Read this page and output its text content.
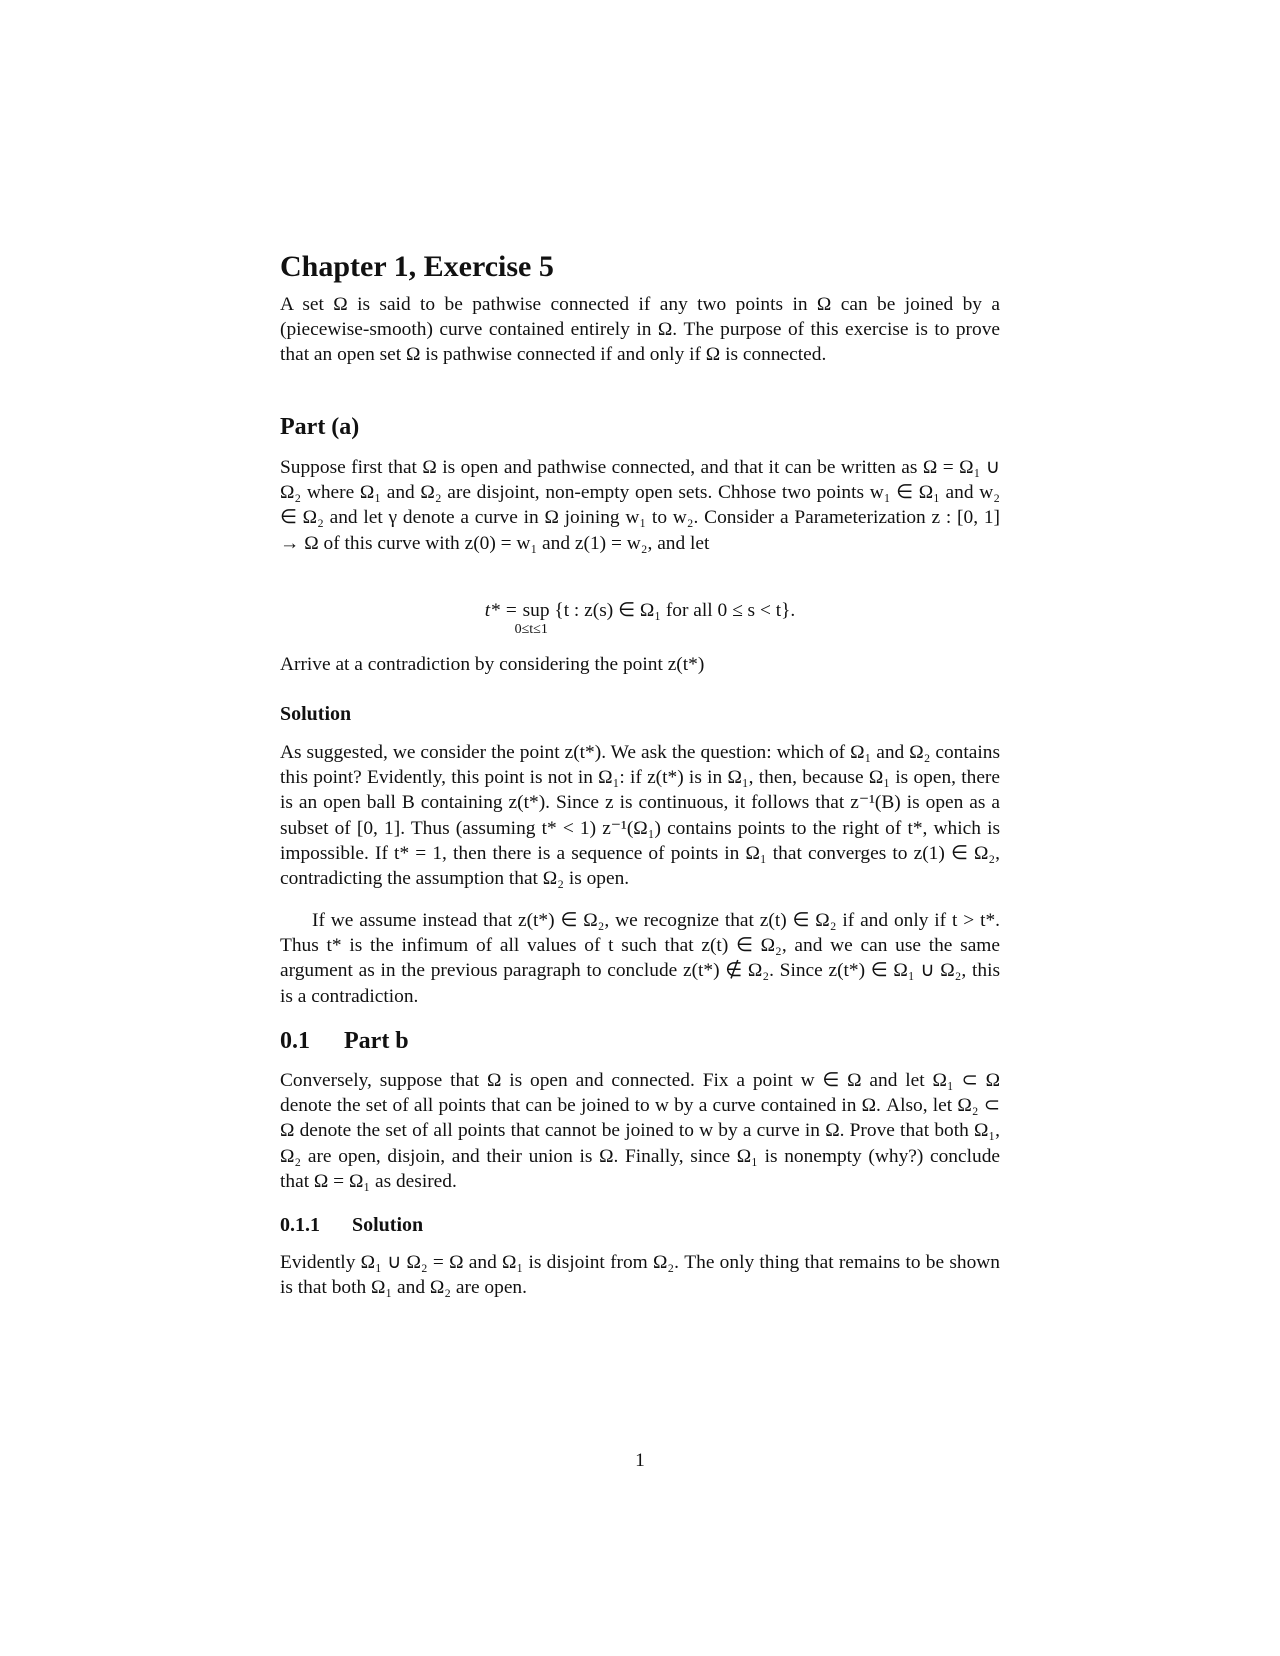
Chapter 1, Exercise 5

A set Ω is said to be pathwise connected if any two points in Ω can be joined by a (piecewise-smooth) curve contained entirely in Ω. The purpose of this exercise is to prove that an open set Ω is pathwise connected if and only if Ω is connected.

Part (a)

Suppose first that Ω is open and pathwise connected, and that it can be written as Ω = Ω₁ ∪ Ω₂ where Ω₁ and Ω₂ are disjoint, non-empty open sets. Chhose two points w₁ ∈ Ω₁ and w₂ ∈ Ω₂ and let γ denote a curve in Ω joining w₁ to w₂. Consider a Parameterization z : [0, 1] → Ω of this curve with z(0) = w₁ and z(1) = w₂, and let

t* = sup
0≤t≤1
{t : z(s) ∈ Ω₁ for all 0 ≤ s < t}.

Arrive at a contradiction by considering the point z(t*)

Solution

As suggested, we consider the point z(t*). We ask the question: which of Ω₁ and Ω₂ contains this point? Evidently, this point is not in Ω₁: if z(t*) is in Ω₁, then, because Ω₁ is open, there is an open ball B containing z(t*). Since z is continuous, it follows that z⁻¹(B) is open as a subset of [0, 1]. Thus (assuming t* < 1) z⁻¹(Ω₁) contains points to the right of t*, which is impossible. If t* = 1, then there is a sequence of points in Ω₁ that converges to z(1) ∈ Ω₂, contradicting the assumption that Ω₂ is open.

If we assume instead that z(t*) ∈ Ω₂, we recognize that z(t) ∈ Ω₂ if and only if t > t*. Thus t* is the infimum of all values of t such that z(t) ∈ Ω₂, and we can use the same argument as in the previous paragraph to conclude z(t*) ∉ Ω₂. Since z(t*) ∈ Ω₁ ∪ Ω₂, this is a contradiction.

0.1 Part b

Conversely, suppose that Ω is open and connected. Fix a point w ∈ Ω and let Ω₁ ⊂ Ω denote the set of all points that can be joined to w by a curve contained in Ω. Also, let Ω₂ ⊂ Ω denote the set of all points that cannot be joined to w by a curve in Ω. Prove that both Ω₁, Ω₂ are open, disjoin, and their union is Ω. Finally, since Ω₁ is nonempty (why?) conclude that Ω = Ω₁ as desired.

0.1.1 Solution

Evidently Ω₁ ∪ Ω₂ = Ω and Ω₁ is disjoint from Ω₂. The only thing that remains to be shown is that both Ω₁ and Ω₂ are open.

1
